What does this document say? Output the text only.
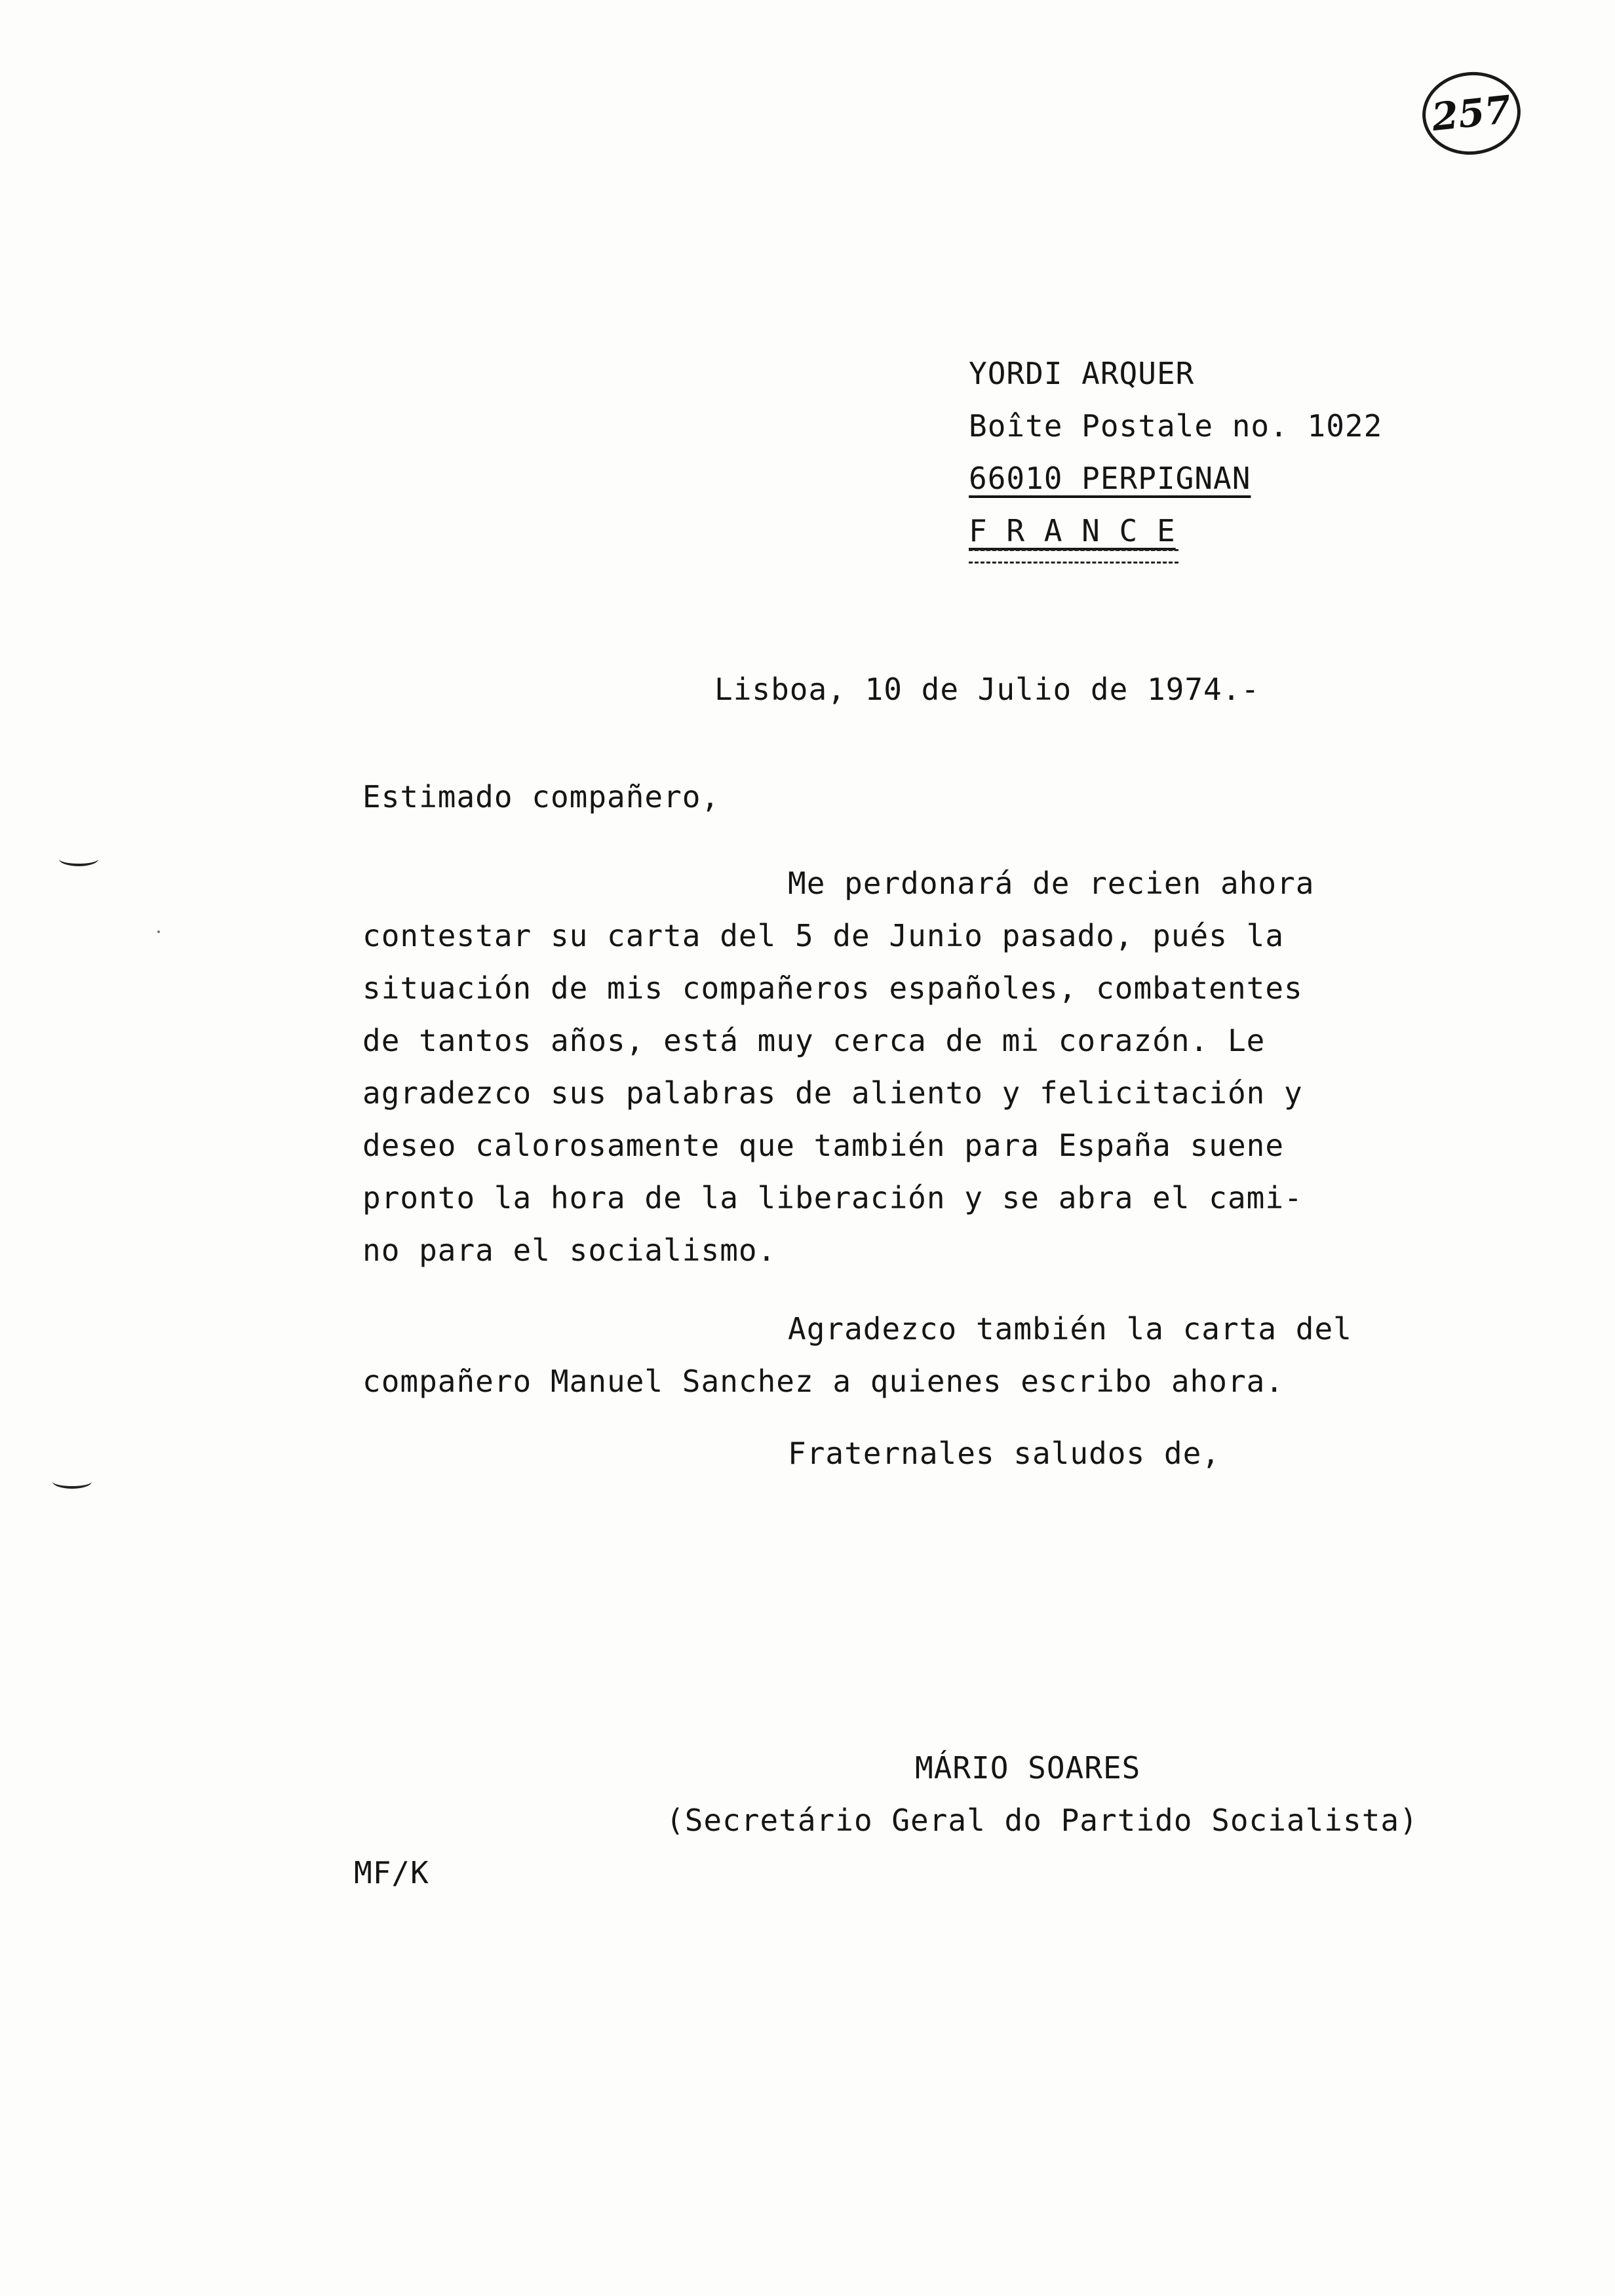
257
YORDI ARQUER
Boîte Postale no. 1022
66010 PERPIGNAN
F R A N C E
Lisboa, 10 de Julio de 1974.-
Estimado compañero,
Me perdonará de recien ahora
contestar su carta del 5 de Junio pasado, pués la
situación de mis compañeros españoles, combatentes
de tantos años, está muy cerca de mi corazón. Le
agradezco sus palabras de aliento y felicitación y
deseo calorosamente que también para España suene
pronto la hora de la liberación y se abra el cami-
no para el socialismo.
Agradezco también la carta del
compañero Manuel Sanchez a quienes escribo ahora.
Fraternales saludos de,
MÁRIO SOARES
(Secretário Geral do Partido Socialista)
MF/K
